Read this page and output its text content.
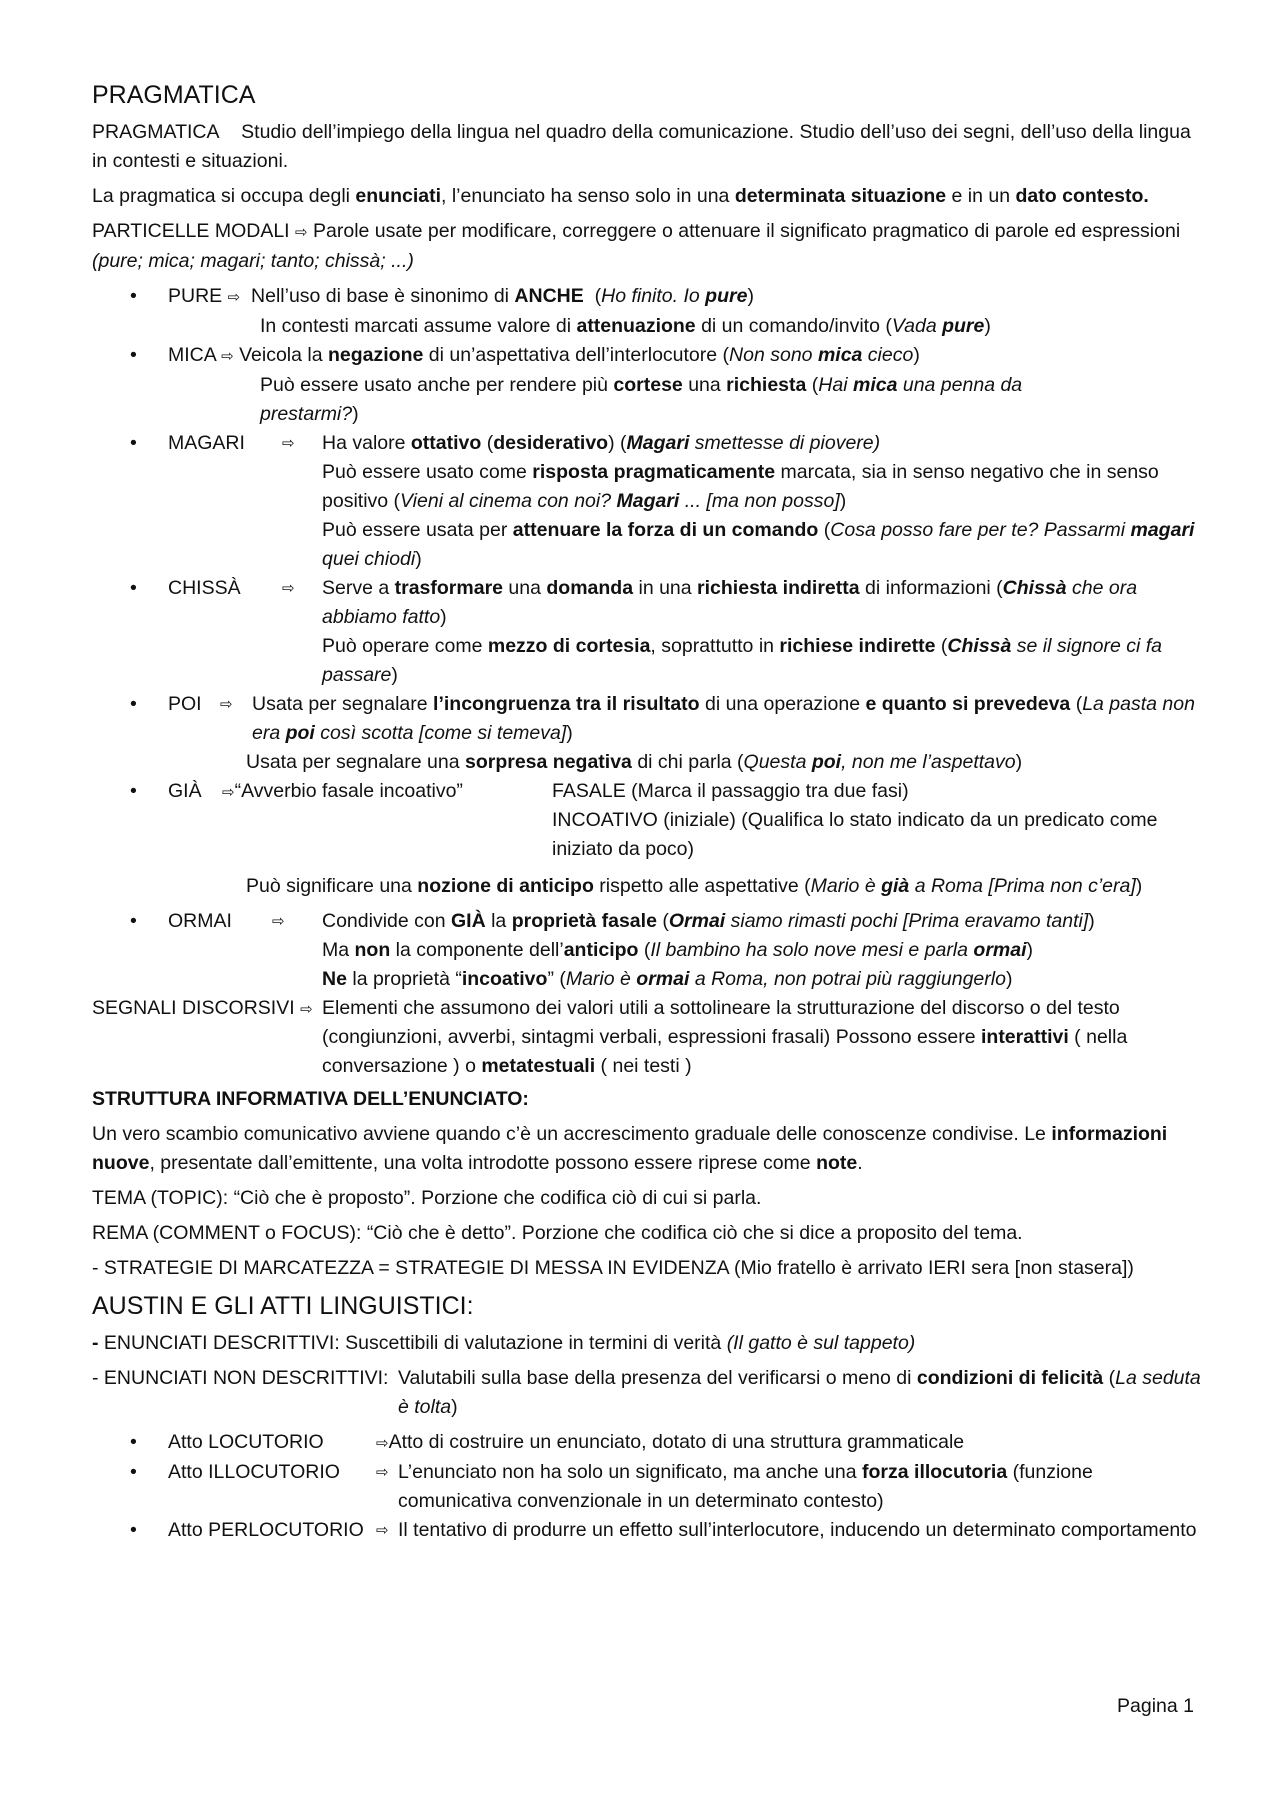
PRAGMATICA

PRAGMATICA Studio dell’impiego della lingua nel quadro della comunicazione. Studio dell’uso dei segni, dell’uso della lingua in contesti e situazioni.

La pragmatica si occupa degli enunciati, l’enunciato ha senso solo in una determinata situazione e in un dato contesto.

PARTICELLE MODALI ⇨ Parole usate per modificare, correggere o attenuare il significato pragmatico di parole ed espressioni  (pure; mica; magari; tanto; chissà; ...)

•	PURE ⇨  Nell’uso di base è sinonimo di ANCHE  (Ho finito. Io pure)
In contesti marcati assume valore di attenuazione di un comando/invito (Vada pure)
•	MICA ⇨ Veicola la negazione di un’aspettativa dell’interlocutore (Non sono mica cieco)
Può essere usato anche per rendere più cortese una richiesta (Hai mica una penna da
prestarmi?)
• MAGARI ⇨	Ha valore ottativo (desiderativo) (Magari smettesse di piovere)
Può essere usato come risposta pragmaticamente marcata, sia in senso negativo che in senso positivo (Vieni al cinema con noi? Magari ... [ma non posso])
Può essere usata per attenuare la forza di un comando (Cosa posso fare per te? Passarmi magari quei chiodi)
• CHISSÀ	⇨	Serve a trasformare una domanda in una richiesta indiretta di informazioni (Chissà che ora abbiamo fatto)
Può operare come mezzo di cortesia, soprattutto in richiese indirette (Chissà se il signore ci fa passare)
• POI ⇨ Usata per segnalare l’incongruenza tra il risultato di una operazione e quanto si prevedeva (La pasta non era poi così scotta [come si temeva])
Usata per segnalare una sorpresa negativa di chi parla (Questa poi, non me l’aspettavo)
• GIÀ ⇨“Avverbio fasale incoativo”	FASALE (Marca il passaggio tra due fasi)
INCOATIVO (iniziale) (Qualifica lo stato indicato da un predicato come iniziato da poco)
Può significare una nozione di anticipo rispetto alle aspettative (Mario è già a Roma [Prima non c’era])
• ORMAI	⇨	Condivide con GIÀ la proprietà fasale (Ormai siamo rimasti pochi [Prima eravamo tanti])
Ma non la componente dell’anticipo (Il bambino ha solo nove mesi e parla ormai)
Ne la proprietà “incoativo” (Mario è ormai a Roma, non potrai più raggiungerlo)
SEGNALI DISCORSIVI ⇨ Elementi che assumono dei valori utili a sottolineare la strutturazione del discorso o del testo (congiunzioni, avverbi, sintagmi verbali, espressioni frasali) Possono essere interattivi ( nella conversazione ) o metatestuali ( nei testi )

STRUTTURA INFORMATIVA DELL’ENUNCIATO:

Un vero scambio comunicativo avviene quando c’è un accrescimento graduale delle conoscenze condivise. Le informazioni nuove, presentate dall’emittente, una volta introdotte possono essere riprese come note.

TEMA (TOPIC): “Ciò che è proposto”. Porzione che codifica ciò di cui si parla.

REMA (COMMENT o FOCUS): “Ciò che è detto”. Porzione che codifica ciò che si dice a proposito del tema.

- STRATEGIE DI MARCATEZZA = STRATEGIE DI MESSA IN EVIDENZA (Mio fratello è arrivato IERI sera [non stasera])

AUSTIN E GLI ATTI LINGUISTICI:

- ENUNCIATI DESCRITTIVI: Suscettibili di valutazione in termini di verità (Il gatto è sul tappeto)

- ENUNCIATI NON DESCRITTIVI: Valutabili sulla base della presenza del verificarsi o meno di condizioni di felicità (La seduta è tolta)
• Atto LOCUTORIO	⇨Atto di costruire un enunciato, dotato di una struttura grammaticale
• Atto ILLOCUTORIO ⇨ L’enunciato non ha solo un significato, ma anche una forza illocutoria (funzione comunicativa convenzionale in un determinato contesto)
• Atto PERLOCUTORIO ⇨ Il tentativo di produrre un effetto sull’interlocutore, inducendo un determinato comportamento
Pagina 1
